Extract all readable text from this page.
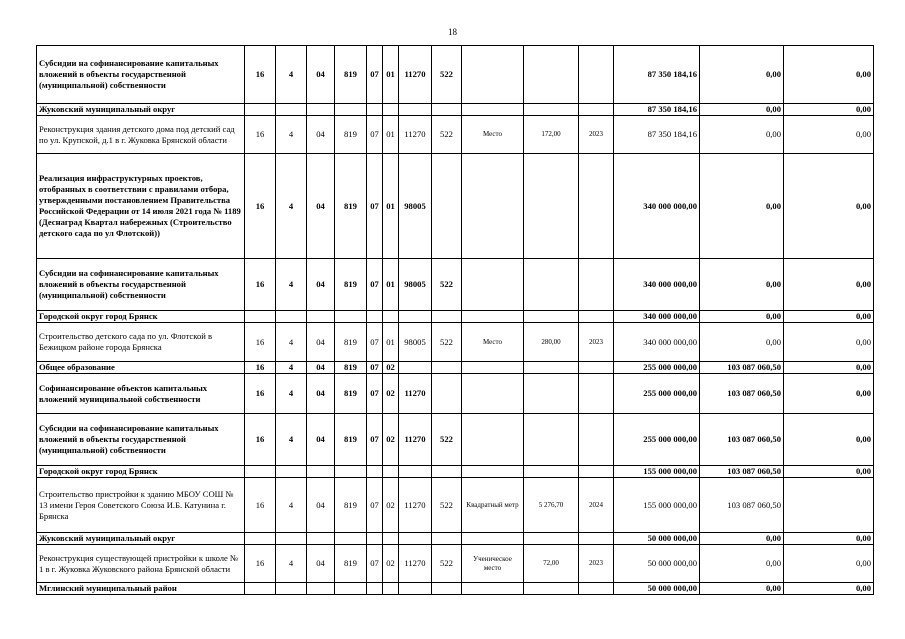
18
Субсидии на софинансирование капитальных вложений в объекты государственной (муниципальной) собственности	16	4	04	819	07	01	11270	522				87 350 184,16	0,00	0,00
Жуковский муниципальный округ												87 350 184,16	0,00	0,00
Реконструкция здания детского дома под детский сад по ул. Крупской, д.1 в г. Жуковка Брянской области	16	4	04	819	07	01	11270	522	Место	172,00	2023	87 350 184,16	0,00	0,00
Реализация инфраструктурных проектов, отобранных в соответствии с правилами отбора, утвержденными постановлением Правительства Российской Федерации от 14 июля 2021 года № 1189 (Деснаград Квартал набережных (Строительство детского сада по ул Флотской))	16	4	04	819	07	01	98005					340 000 000,00	0,00	0,00
Субсидии на софинансирование капитальных вложений в объекты государственной (муниципальной) собственности	16	4	04	819	07	01	98005	522				340 000 000,00	0,00	0,00
Городской округ город Брянск												340 000 000,00	0,00	0,00
Строительство детского сада по ул. Флотской в Бежицком районе города Брянска	16	4	04	819	07	01	98005	522	Место	280,00	2023	340 000 000,00	0,00	0,00
Общее образование	16	4	04	819	07	02						255 000 000,00	103 087 060,50	0,00
Софинансирование объектов капитальных вложений муниципальной собственности	16	4	04	819	07	02	11270					255 000 000,00	103 087 060,50	0,00
Субсидии на софинансирование капитальных вложений в объекты государственной (муниципальной) собственности	16	4	04	819	07	02	11270	522				255 000 000,00	103 087 060,50	0,00
Городской округ город Брянск												155 000 000,00	103 087 060,50	0,00
Строительство пристройки к зданию МБОУ СОШ № 13 имени Героя Советского Союза И.Б. Катунина г. Брянска	16	4	04	819	07	02	11270	522	Квадратный метр	5 276,70	2024	155 000 000,00	103 087 060,50	
Жуковский муниципальный округ												50 000 000,00	0,00	0,00
Реконструкция существующей пристройки к школе № 1 в г. Жуковка Жуковского района Брянской области	16	4	04	819	07	02	11270	522	Ученическое место	72,00	2023	50 000 000,00	0,00	0,00
Мглинский муниципальный район												50 000 000,00	0,00	0,00
